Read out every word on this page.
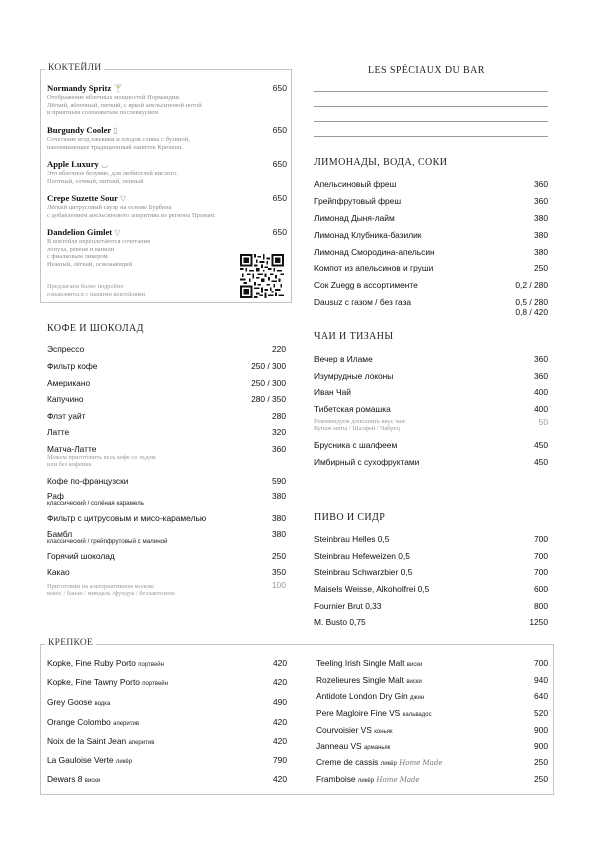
КОКТЕЙЛИ
Normandy Spritz 🍸	650
Отображение яблочных мощностей Нормандии.
Лёгкий, яблочный, питкий, с яркой апельсиновой нотой
и приятным солоноватым послевкусием
Burgundy Cooler ▯	650
Сочетание ягод ежевики и плодов сливы с бузиной,
напоминающее традиционный напиток Крюшон.
Apple Luxury ◡	650
Это яблочное безумие, для любителей кислого.
Плотный, сочный, питкий, пенный
Crepe Suzette Sour ▽	650
Лёгкий цитрусовый сауэр на основе Бурбона
с добавлением апельсинового аперитива из региона Прованс
Dandelion Gimlet ▽	650
В коктейле переплетаются сочетания
лопуха, ревеня и ванили
с фиалковым ликером.
Нежный, лёгкий, освежающий
Предлагаем более подробно
ознакомиться с нашими коктейлями
LES SPÉCIAUX DU BAR
ЛИМОНАДЫ, ВОДА, СОКИ
Апельсиновый фреш	360
Грейпфрутовый фреш	360
Лимонад Дыня-лайм	380
Лимонад Клубника-базилик	380
Лимонад Смородина-апельсин	380
Компот из апельсинов и груши	250
Сок Zuegg в ассортименте	0,2 / 280
Dausuz с газом / без газа	0,5 / 280
0,8 / 420
КОФЕ И ШОКОЛАД
Эспрессо	220
Фильтр кофе	250 / 300
Американо	250 / 300
Капучино	280 / 350
Флэт уайт	280
Латте	320
Матча-Латте	360
Можем приготовить весь кофе со льдом
или без кофеина
Кофе по-французски	590
Раф	380
классический / солёная карамель
Фильтр с цитрусовым и мисо-карамелью	380
Бамбл	380
классический / грейпфрутовый с малиной
Горячий шоколад	250
Какао	350
Приготовим на альтернативном молоке
кокос / банан / миндаль /фундук / безлактозное
100
ЧАИ И ТИЗАНЫ
Вечер в Иламе	360
Изумрудные локоны	360
Иван Чай	400
Тибетская ромашка	400
Рекомендуем дополнить вкус чая:
Купаж мяты / Шалфей / Чабрец
50
Брусника с шалфеем	450
Имбирный с сухофруктами	450
ПИВО И СИДР
Steinbrau Helles 0,5	700
Steinbrau Hefeweizen 0,5	700
Steinbrau Schwarzbier 0,5	700
Maisels Weisse, Alkoholfrei 0,5	600
Fournier Brut 0,33	800
M. Busto 0,75	1250
КРЕПКОЕ
Kopke, Fine Ruby Porto портвейн	420
Kopke, Fine Tawny Porto портвейн	420
Grey Goose водка	490
Orange Colombo аперитив	420
Noix de la Saint Jean аперитив	420
La Gauloise Verte ликёр	790
Dewars 8 виски	420
Teeling Irish Single Malt виски	700
Rozelieures Single Malt виски	940
Antidote London Dry Gin джин	640
Pere Magloire Fine VS кальвадос	520
Courvoisier VS коньяк	900
Janneau VS арманьяк	900
Creme de cassis ликёр Home Made	250
Framboise ликёр Home Made	250
